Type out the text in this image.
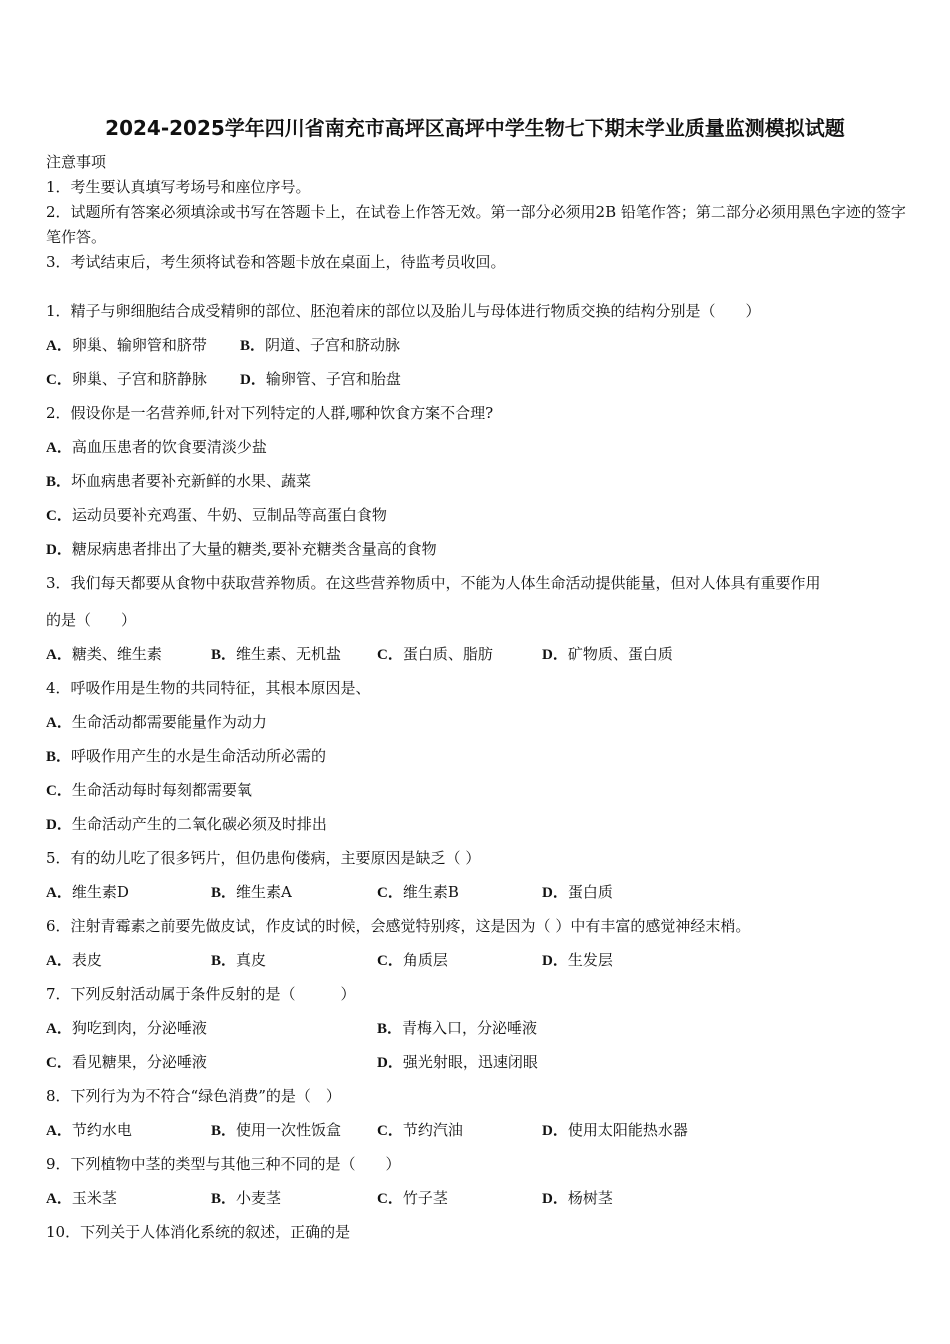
2024-2025学年四川省南充市高坪区高坪中学生物七下期末学业质量监测模拟试题
注意事项
1．考生要认真填写考场号和座位序号。
2．试题所有答案必须填涂或书写在答题卡上，在试卷上作答无效。第一部分必须用2B 铅笔作答；第二部分必须用黑色字迹的签字笔作答。
3．考试结束后，考生须将试卷和答题卡放在桌面上，待监考员收回。
1．精子与卵细胞结合成受精卵的部位、胚泡着床的部位以及胎儿与母体进行物质交换的结构分别是（　　）
A．卵巢、输卵管和脐带 B．阴道、子宫和脐动脉
C．卵巢、子宫和脐静脉 D．输卵管、子宫和胎盘
2．假设你是一名营养师,针对下列特定的人群,哪种饮食方案不合理?
A．高血压患者的饮食要清淡少盐
B．坏血病患者要补充新鲜的水果、蔬菜
C．运动员要补充鸡蛋、牛奶、豆制品等高蛋白食物
D．糖尿病患者排出了大量的糖类,要补充糖类含量高的食物
3．我们每天都要从食物中获取营养物质。在这些营养物质中，不能为人体生命活动提供能量，但对人体具有重要作用
的是（　　）
A．糖类、维生素	B．维生素、无机盐 C．蛋白质、脂肪	D．矿物质、蛋白质
4．呼吸作用是生物的共同特征，其根本原因是、
A．生命活动都需要能量作为动力
B．呼吸作用产生的水是生命活动所必需的
C．生命活动每时每刻都需要氧
D．生命活动产生的二氧化碳必须及时排出
5．有的幼儿吃了很多钙片，但仍患佝偻病，主要原因是缺乏（ ）
A．维生素D	B．维生素A	C．维生素B	D．蛋白质
6．注射青霉素之前要先做皮试，作皮试的时候，会感觉特别疼，这是因为（ ）中有丰富的感觉神经末梢。
A．表皮	B．真皮	C．角质层	D．生发层
7．下列反射活动属于条件反射的是（　　　）
A．狗吃到肉，分泌唾液	B．青梅入口，分泌唾液
C．看见糖果，分泌唾液	D．强光射眼，迅速闭眼
8．下列行为为不符合“绿色消费”的是（　）
A．节约水电	B．使用一次性饭盒 C．节约汽油	D．使用太阳能热水器
9．下列植物中茎的类型与其他三种不同的是（　　）
A．玉米茎	B．小麦茎	C．竹子茎	D．杨树茎
10．下列关于人体消化系统的叙述，正确的是
